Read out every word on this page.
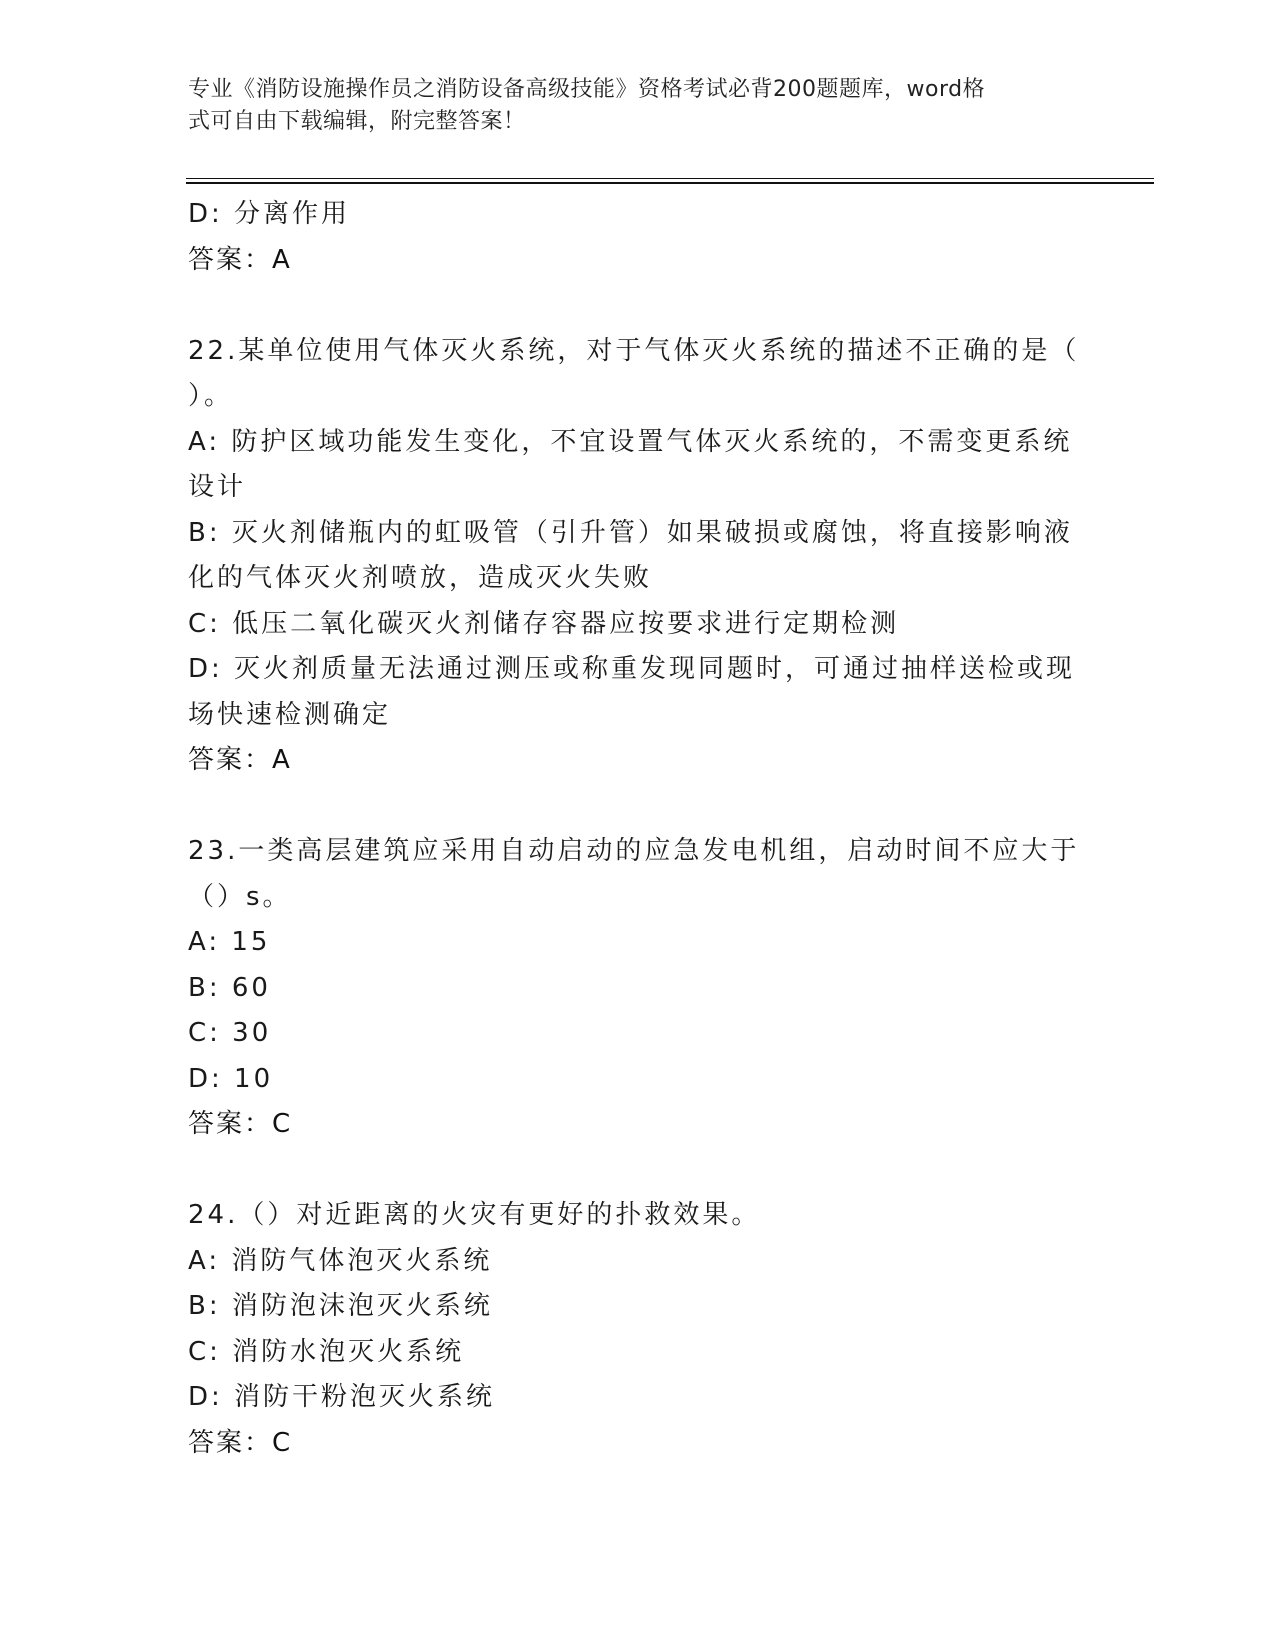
专业《消防设施操作员之消防设备高级技能》资格考试必背200题题库，word格
式可自由下载编辑，附完整答案！
D: 分离作用
答案：A
22.某单位使用气体灭火系统，对于气体灭火系统的描述不正确的是（
）。
A: 防护区域功能发生变化，不宜设置气体灭火系统的，不需变更系统
设计
B: 灭火剂储瓶内的虹吸管（引升管）如果破损或腐蚀，将直接影响液
化的气体灭火剂喷放，造成灭火失败
C: 低压二氧化碳灭火剂储存容器应按要求进行定期检测
D: 灭火剂质量无法通过测压或称重发现同题时，可通过抽样送检或现
场快速检测确定
答案：A
23.一类高层建筑应采用自动启动的应急发电机组，启动时间不应大于
（）s。
A: 15
B: 60
C: 30
D: 10
答案：C
24.（）对近距离的火灾有更好的扑救效果。
A: 消防气体泡灭火系统
B: 消防泡沫泡灭火系统
C: 消防水泡灭火系统
D: 消防干粉泡灭火系统
答案：C
